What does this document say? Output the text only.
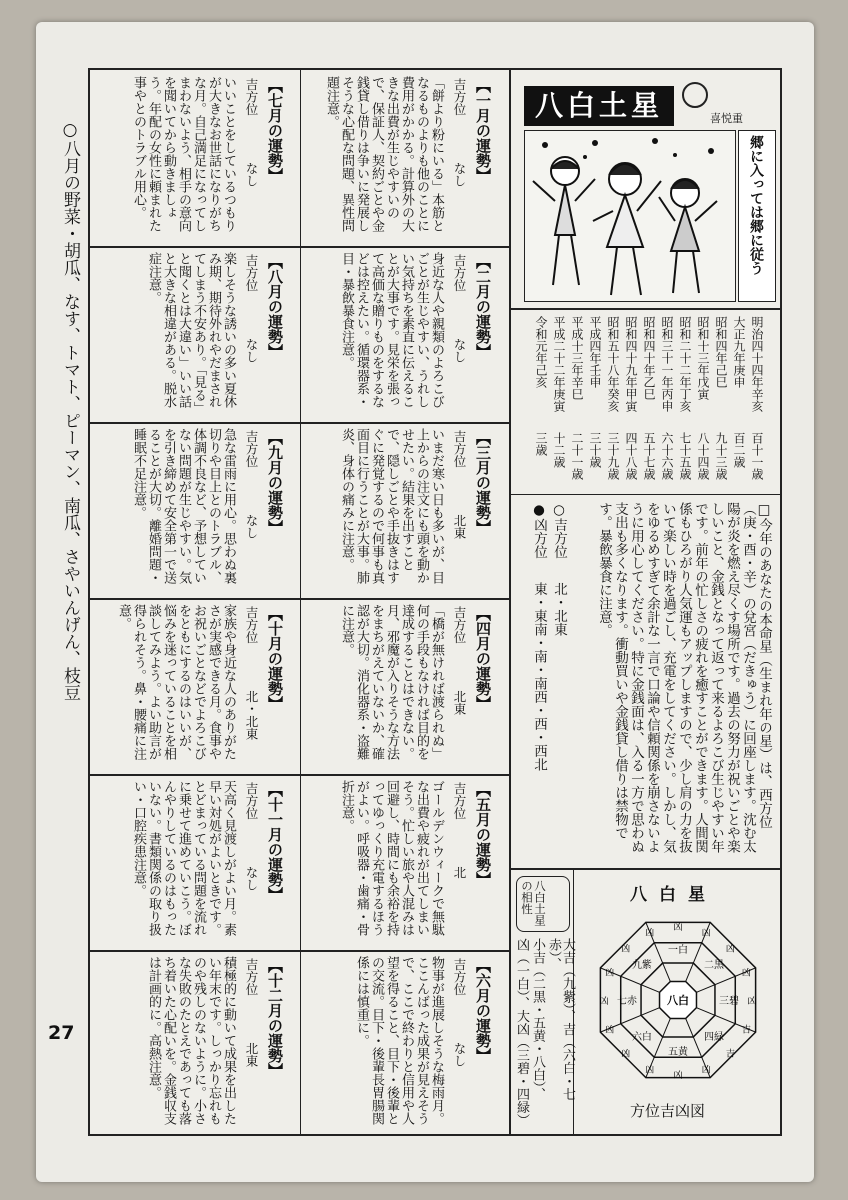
○八月の野菜・胡瓜、なす、トマト、ピーマン、南瓜、さやいんげん、枝豆
27
【一月の運勢】
吉方位
なし
「餅より粉にいる」本筋となるものよりも他のことに費用がかかる。計算外の大きな出費が生じやすいので、保証人、契約ごとや金銭貸し借りは争いに発展しそうな心配な問題、異性問題注意。
【七月の運勢】
吉方位
なし
いいことをしているつもりが大きなお世話になりがちな月。自己満足になってしまわないよう、相手の意向を聞いてから動きましょう。年配の女性に頼まれた事やとのトラブル用心。
【二月の運勢】
吉方位
なし
身近な人や親類のよろこびごとが生じやすい、うれしい気持ちを素直に伝えることが大事です。見栄を張って高価な贈りものをするなどは控えたい。循環器系・目・暴飲暴食注意。
【八月の運勢】
吉方位
なし
楽しそうな誘いの多い夏休み期、期待外れやだまされてしまう不安あり。「見る」と聞くとは大違い」いい話と大きな相違がある。脱水症注意。
【三月の運勢】
吉方位
北東
いまだ寒い日も多いが、目上からの注文にも頭を動かせたい。結果を出すことで、隠しごとや手抜きはすぐに発覚するので何事も真面目に行うことが大事。肺炎、身体の痛みに注意。
【九月の運勢】
吉方位
なし
急な雷雨に用心。思わぬ裏切りや目上とのトラブル、体調不良など、予想していない問題が生じやすい。気を引き締めて安全第一で送ることが大切。離婚問題・睡眠不足注意。
【四月の運勢】
吉方位
北東
「橋が無ければ渡られぬ」何の手段もなければ目的を達成することはできない。月、邪魔が入りそうな方法をまちがえていないか、確認が大切。消化器系・盗難に注意。
【十月の運勢】
吉方位
北・北東
家族や身近な人のありがたさが実感できる月。食事やお祝いごとなどでよろこびをともにするのはいいが、悩みを迷っていることを相談してみよう。よい助言が得られそう。鼻・腰痛に注意。
【五月の運勢】
吉方位
北
ゴールデンウィークで無駄な出費や疲れが出てしまいそう。忙しい旅や人混みは回避し、時間にも余裕を持ってゆっくり充電するほうがよい。呼吸器・歯痛・骨折注意。
【十一月の運勢】
吉方位
なし
天高く見渡しがよい月。素早い対処がよいときです。とどまっている問題を流れに乗せて進めていこう。ぼんやりしているのはもったいない。書類関係の取り扱い・口腔疾患注意。
【六月の運勢】
吉方位
なし
物事が進展しそうな梅雨月。ここんばった成果が見えそうで、ここで終わりと信用や人望を得ること、目下・後輩との交流。目下・後輩長胃腸関係には慎重に。
【十二月の運勢】
吉方位
北東
積極的に動いて成果を出したい年末です。しっかり忘れものや残しのないように。小さな失敗のたとえであっても落ち着いた心配いを。金銭収支は計画的に。高熱注意。
八白土星	喜悦重
郷に入っては郷に従う
明治四十四年辛亥
百十一歳
大正九年庚申
百二歳
昭和四年己巳
九十三歳
昭和十三年戊寅
八十四歳
昭和二十二年丁亥
七十五歳
昭和三十一年丙申
六十六歳
昭和四十年乙巳
五十七歳
昭和四十九年甲寅
四十八歳
昭和五十八年癸亥
三十九歳
平成四年壬申
三十歳
平成十三年辛巳
二十一歳
平成二十二年庚寅
十二歳
令和元年己亥
三歳
□今年のあなたの本命星（生まれ年の星）は、西方位（庚・酉・辛）の兌宮（だきゅう）に回座します。沈む太陽が炎を燃え尽くす場所です。過去の努力が祝いごとや楽しいこと、金銭となって返って来るよろこび生じやすい年です。前年の忙しさの疲れを癒すことができます。人間関係もひろがり人気運もアップしますので、少し肩の力を抜いて楽しい時を過ごし、充電をしてください。しかし、気をゆるめすぎて余計な一言で口論や信頼関係を崩さないように用心してください。特に金銭面は、入る一方で思わぬ支出も多くなります。衝動買いや金銭貸し借りは禁物です。暴飲暴食に注意。
○吉方位
北・北東
●凶方位
東・東南・南・南西・西・西北
八白土星の相性
大吉（九紫）、吉（六白・七赤）、
小吉（二黒・五黄・八白）、
凶（一白）、大凶（三碧・四緑）
八白星
一白
二黒
三碧
四緑
五黄
六白
七赤
九紫
凶
凶
凶
凶
凶
吉
吉
凶
凶
凶
凶
凶
凶
凶
凶
凶
八白
方位吉凶図
